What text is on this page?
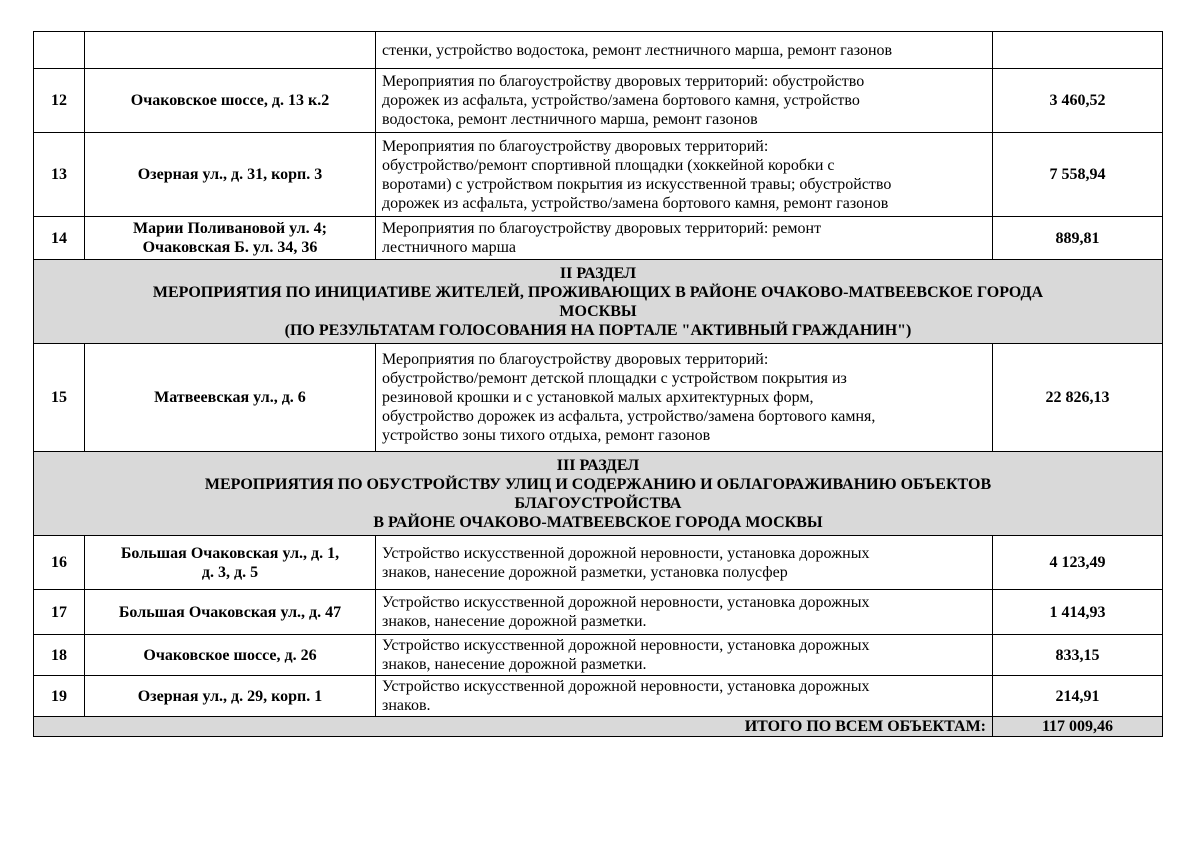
		стенки, устройство водостока, ремонт лестничного марша, ремонт газонов	
12	Очаковское шоссе, д. 13 к.2	Мероприятия по благоустройству дворовых территорий: обустройство
дорожек из асфальта, устройство/замена бортового камня, устройство
водостока, ремонт лестничного марша, ремонт газонов	3 460,52
13	Озерная ул., д. 31, корп. 3	Мероприятия по благоустройству дворовых территорий:
обустройство/ремонт спортивной площадки (хоккейной коробки с
воротами) с устройством покрытия из искусственной травы; обустройство
дорожек из асфальта, устройство/замена бортового камня, ремонт газонов	7 558,94
14	Марии Поливановой ул. 4;
Очаковская Б. ул. 34, 36	Мероприятия по благоустройству дворовых территорий: ремонт
лестничного марша	889,81
II РАЗДЕЛ
МЕРОПРИЯТИЯ ПО ИНИЦИАТИВЕ ЖИТЕЛЕЙ, ПРОЖИВАЮЩИХ В РАЙОНЕ ОЧАКОВО-МАТВЕЕВСКОЕ ГОРОДА
МОСКВЫ
(ПО РЕЗУЛЬТАТАМ ГОЛОСОВАНИЯ НА ПОРТАЛЕ "АКТИВНЫЙ ГРАЖДАНИН")			
15	Матвеевская ул., д. 6	Мероприятия по благоустройству дворовых территорий:
обустройство/ремонт детской площадки с устройством покрытия из
резиновой крошки и с установкой малых архитектурных форм,
обустройство дорожек из асфальта, устройство/замена бортового камня,
устройство зоны тихого отдыха, ремонт газонов	22 826,13
III РАЗДЕЛ
МЕРОПРИЯТИЯ ПО ОБУСТРОЙСТВУ УЛИЦ И СОДЕРЖАНИЮ И ОБЛАГОРАЖИВАНИЮ ОБЪЕКТОВ
БЛАГОУСТРОЙСТВА
В РАЙОНЕ ОЧАКОВО-МАТВЕЕВСКОЕ ГОРОДА МОСКВЫ			
16	Большая Очаковская ул., д. 1,
д. 3, д. 5	Устройство искусственной дорожной неровности, установка дорожных
знаков, нанесение дорожной разметки, установка полусфер	4 123,49
17	Большая Очаковская ул., д. 47	Устройство искусственной дорожной неровности, установка дорожных
знаков, нанесение дорожной разметки.	1 414,93
18	Очаковское шоссе, д. 26	Устройство искусственной дорожной неровности, установка дорожных
знаков, нанесение дорожной разметки.	833,15
19	Озерная ул., д. 29, корп. 1	Устройство искусственной дорожной неровности, установка дорожных
знаков.	214,91
ИТОГО ПО ВСЕМ ОБЪЕКТАМ:			117 009,46
